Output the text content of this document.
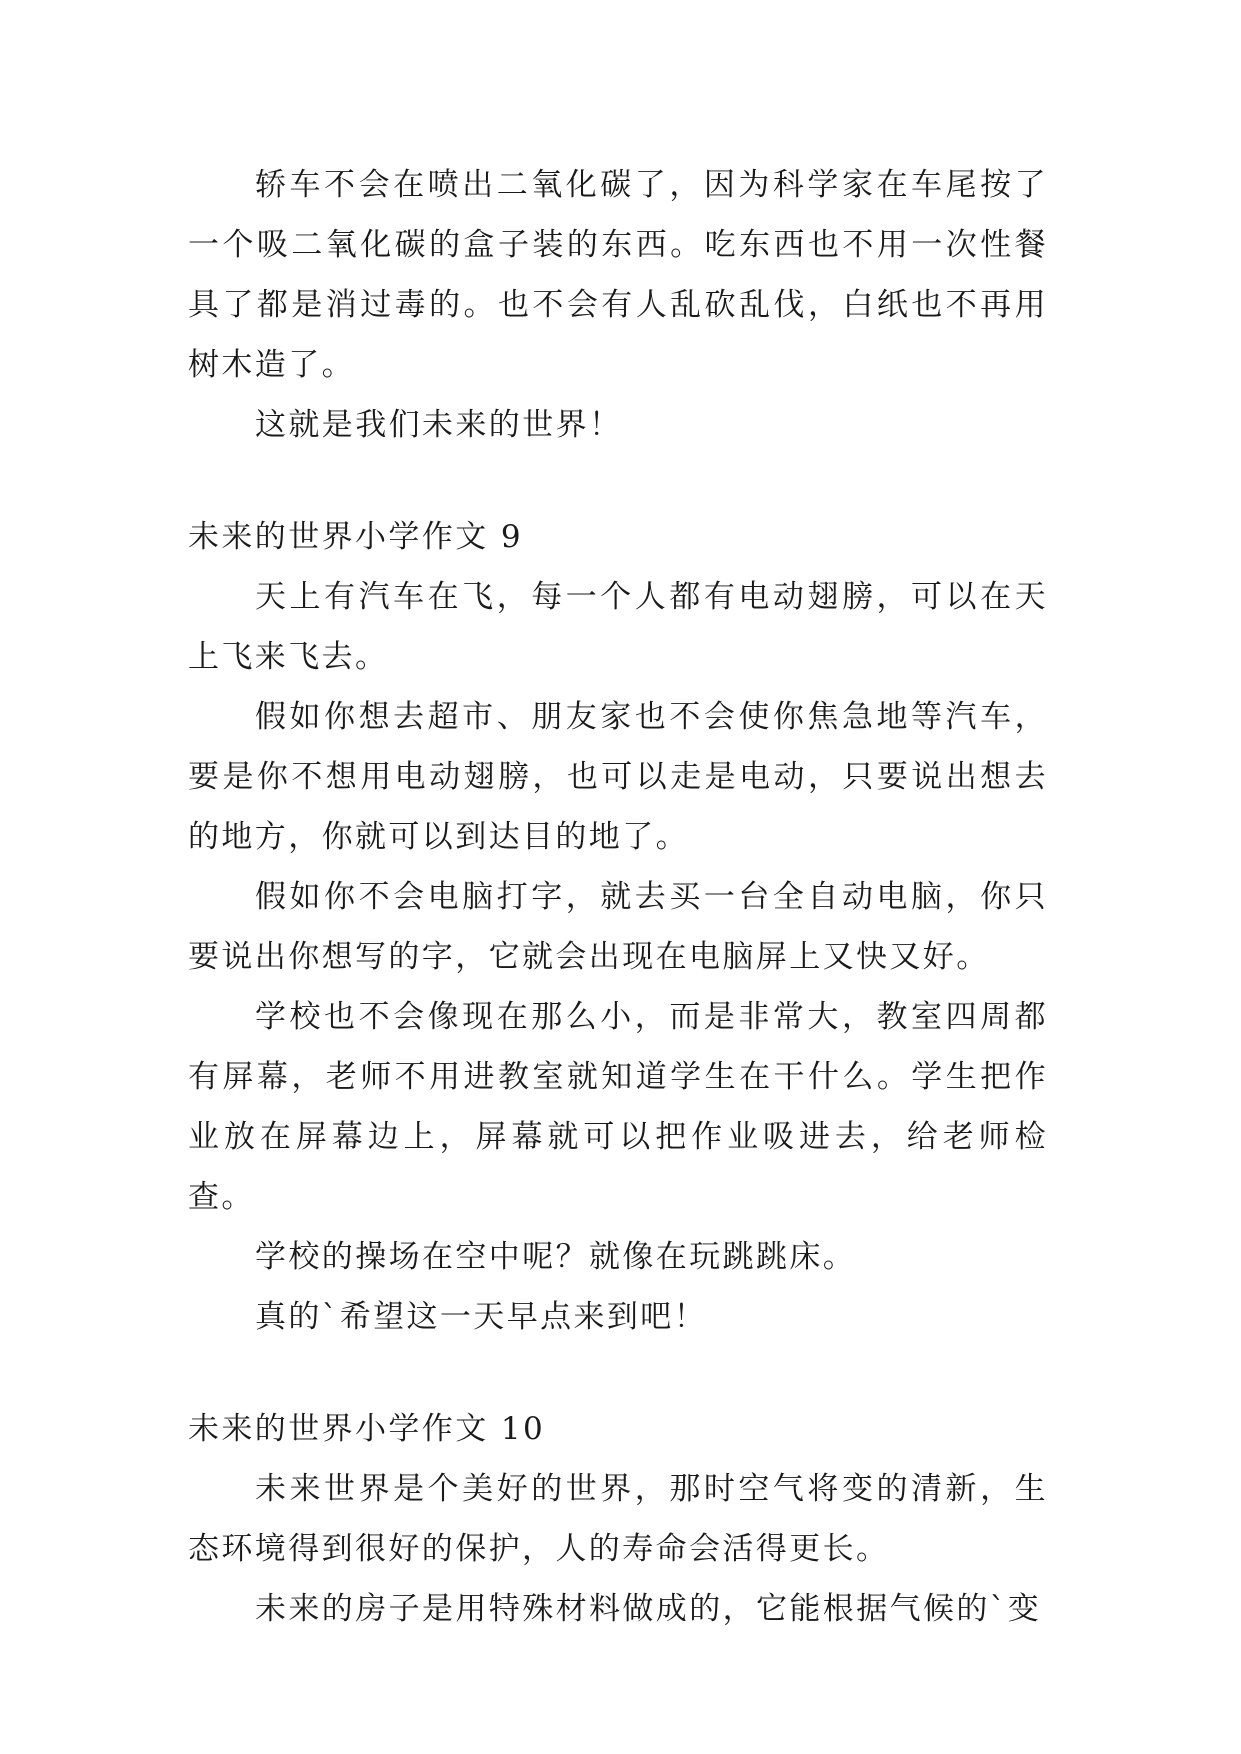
轿车不会在喷出二氧化碳了，因为科学家在车尾按了一个吸二氧化碳的盒子装的东西。吃东西也不用一次性餐具了都是消过毒的。也不会有人乱砍乱伐，白纸也不再用树木造了。

这就是我们未来的世界！

未来的世界小学作文 9

天上有汽车在飞，每一个人都有电动翅膀，可以在天上飞来飞去。

假如你想去超市、朋友家也不会使你焦急地等汽车，要是你不想用电动翅膀，也可以走是电动，只要说出想去的地方，你就可以到达目的地了。

假如你不会电脑打字，就去买一台全自动电脑，你只要说出你想写的字，它就会出现在电脑屏上又快又好。

学校也不会像现在那么小，而是非常大，教室四周都有屏幕，老师不用进教室就知道学生在干什么。学生把作业放在屏幕边上，屏幕就可以把作业吸进去，给老师检查。

学校的操场在空中呢？就像在玩跳跳床。

真的`希望这一天早点来到吧！

未来的世界小学作文 10

未来世界是个美好的世界，那时空气将变的清新，生态环境得到很好的保护，人的寿命会活得更长。

未来的房子是用特殊材料做成的，它能根据气候的`变
